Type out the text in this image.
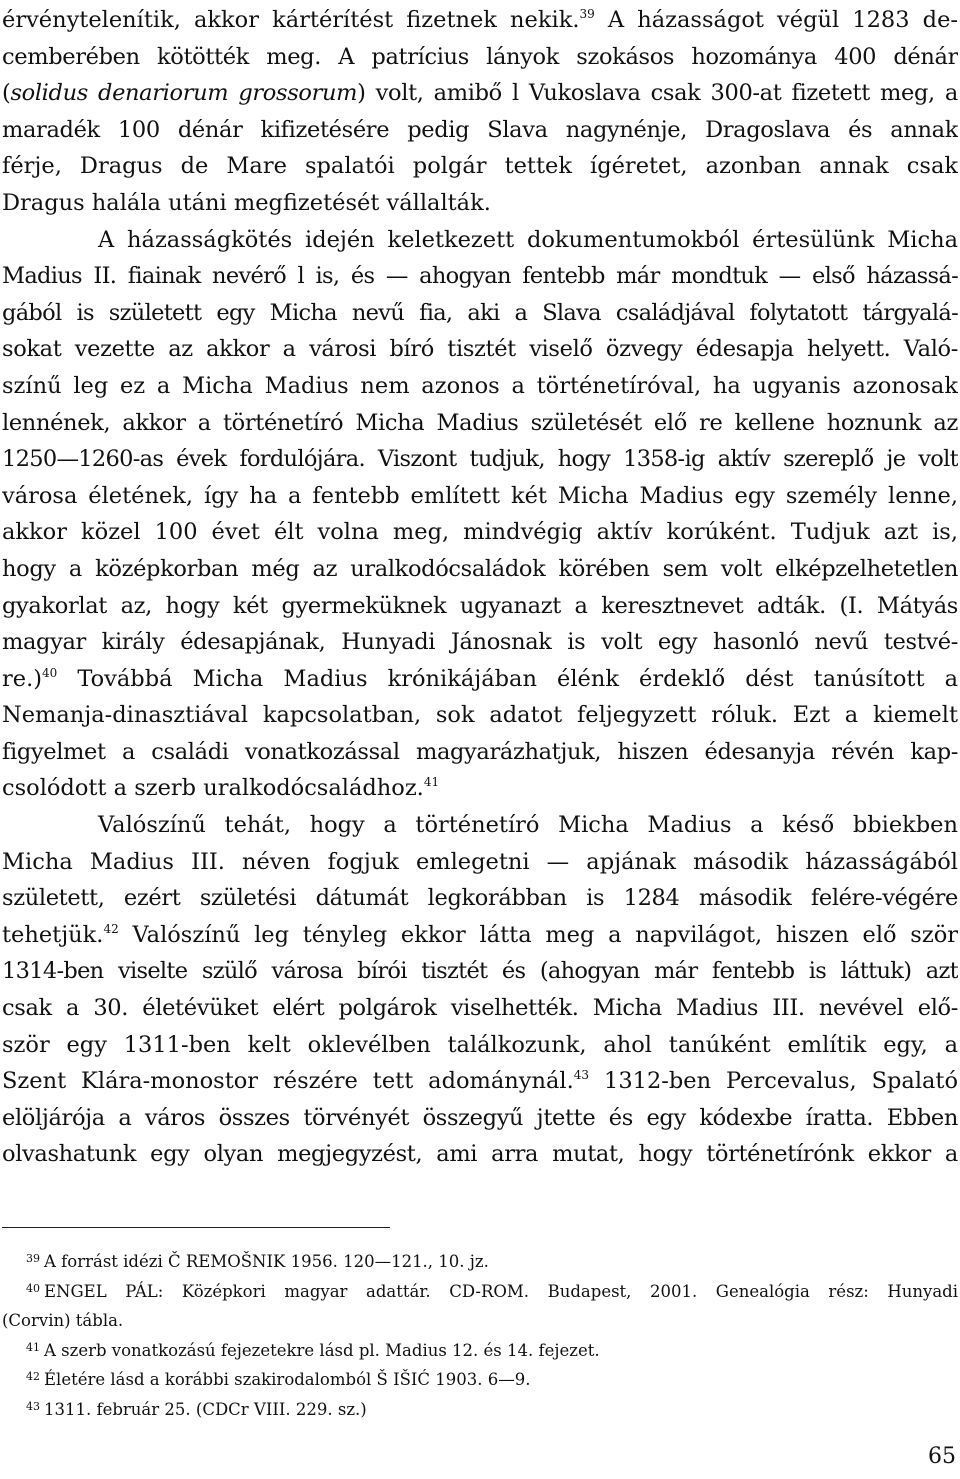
érvénytelenítik, akkor kártérítést fizetnek nekik.$^{39}$ A házasságot végül 1283 de-
cemberében kötötték meg. A patrícius lányok szokásos hozománya 400 dénár
(solidus denariorum grossorum) volt, amibő l Vukoslava csak 300-at fizetett meg, a
maradék 100 dénár kifizetésére pedig Slava nagynénje, Dragoslava és annak
férje, Dragus de Mare spalatói polgár tettek ígéretet, azonban annak csak
Dragus halála utáni megfizetését vállalták.
A házasságkötés idején keletkezett dokumentumokból értesülünk Micha
Madius II. fiainak nevérő l is, és — ahogyan fentebb már mondtuk — első házassá-
gából is született egy Micha nevű fia, aki a Slava családjával folytatott tárgyalá-
sokat vezette az akkor a városi bíró tisztét viselő özvegy édesapja helyett. Való-
színű leg ez a Micha Madius nem azonos a történetíróval, ha ugyanis azonosak
lennének, akkor a történetíró Micha Madius születését elő re kellene hoznunk az
1250—1260-as évek fordulójára. Viszont tudjuk, hogy 1358-ig aktív szereplő je volt
városa életének, így ha a fentebb említett két Micha Madius egy személy lenne,
akkor közel 100 évet élt volna meg, mindvégig aktív korúként. Tudjuk azt is,
hogy a középkorban még az uralkodócsaládok körében sem volt elképzelhetetlen
gyakorlat az, hogy két gyermeküknek ugyanazt a keresztnevet adták. (I. Mátyás
magyar király édesapjának, Hunyadi Jánosnak is volt egy hasonló nevű testvé-
re.)$^{40}$ Továbbá Micha Madius krónikájában élénk érdeklő dést tanúsított a
Nemanja-dinasztiával kapcsolatban, sok adatot feljegyzett róluk. Ezt a kiemelt
figyelmet a családi vonatkozással magyarázhatjuk, hiszen édesanyja révén kap-
csolódott a szerb uralkodócsaládhoz.$^{41}$
Valószínű tehát, hogy a történetíró Micha Madius a késő bbiekben
Micha Madius III. néven fogjuk emlegetni — apjának második házasságából
született, ezért születési dátumát legkorábban is 1284 második felére-végére
tehetjük.$^{42}$ Valószínű leg tényleg ekkor látta meg a napvilágot, hiszen elő ször
1314-ben viselte szülő városa bírói tisztét és (ahogyan már fentebb is láttuk) azt
csak a 30. életévüket elért polgárok viselhették. Micha Madius III. nevével elő-
ször egy 1311-ben kelt oklevélben találkozunk, ahol tanúként említik egy, a
Szent Klára-monostor részére tett adománynál.$^{43}$ 1312-ben Percevalus, Spalató
elöljárója a város összes törvényét összegyű jtette és egy kódexbe íratta. Ebben
olvashatunk egy olyan megjegyzést, ami arra mutat, hogy történetírónk ekkor a
$^{39}$ A forrást idézi Č REMOŠNIK 1956. 120—121., 10. jz.
$^{40}$ ENGEL PÁL: Középkori magyar adattár. CD-ROM. Budapest, 2001. Genealógia rész: Hunyadi
(Corvin) tábla.
$^{41}$ A szerb vonatkozású fejezetekre lásd pl. Madius 12. és 14. fejezet.
$^{42}$ Életére lásd a korábbi szakirodalomból Š IŠIĆ 1903. 6—9.
$^{43}$ 1311. február 25. (CDCr VIII. 229. sz.)
65
